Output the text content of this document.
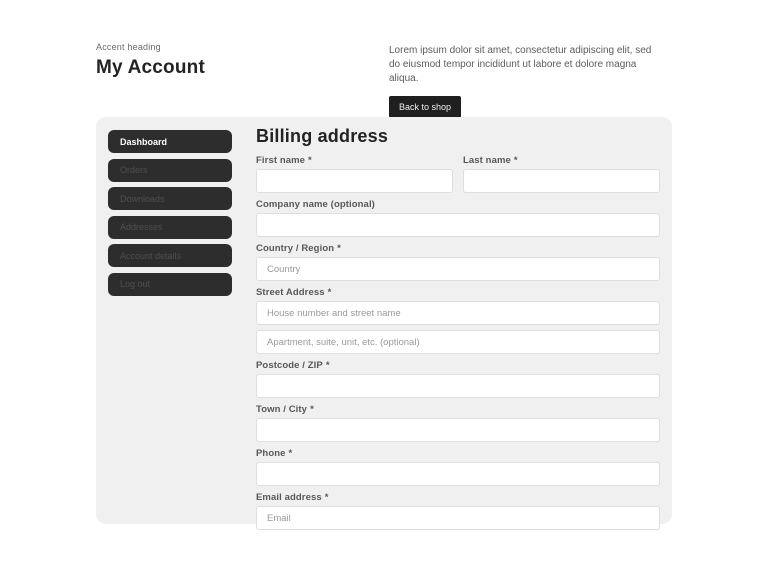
Accent heading
My Account
Lorem ipsum dolor sit amet, consectetur adipiscing elit, sed do eiusmod tempor incididunt ut labore et dolore magna aliqua.
Back to shop
Dashboard
Orders
Downloads
Addresses
Account details
Log out
Billing address
First name *	Last name *
Company name (optional)
Country / Region *
Country
Street Address *
House number and street name
Apartment, suite, unit, etc. (optional)
Postcode / ZIP *
Town / City *
Phone *
Email address *
Email
